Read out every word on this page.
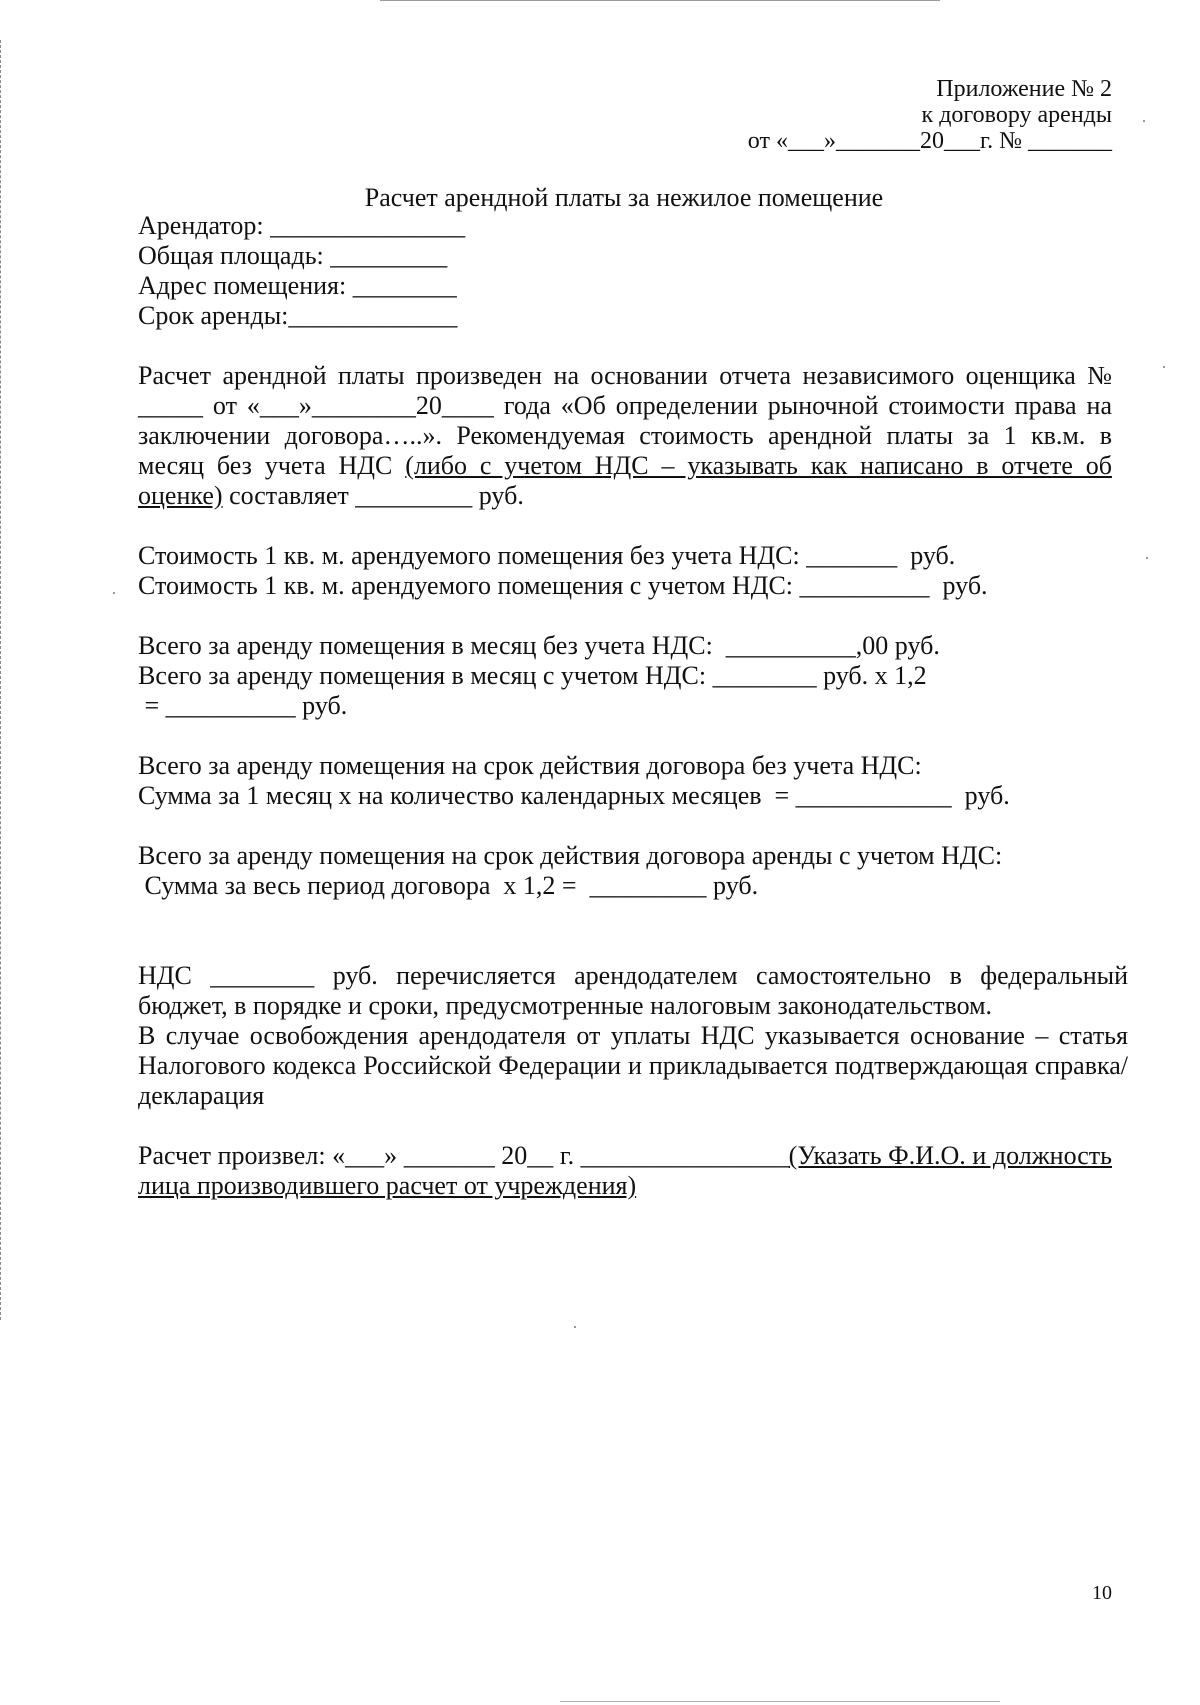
Приложение № 2
к договору аренды
от «___»_______20___г. № _______
Расчет арендной платы за нежилое помещение
Арендатор: _______________
Общая площадь: _________
Адрес помещения: ________
Срок аренды:_____________
Расчет арендной платы произведен на основании отчета независимого оценщика № _____ от «___»________20____ года «Об определении рыночной стоимости права на заключении договора…..». Рекомендуемая стоимость арендной платы за 1 кв.м. в месяц без учета НДС (либо с учетом НДС – указывать как написано в отчете об оценке) составляет _________ руб.
Стоимость 1 кв. м. арендуемого помещения без учета НДС: _______  руб.
Стоимость 1 кв. м. арендуемого помещения с учетом НДС: __________  руб.
Всего за аренду помещения в месяц без учета НДС:  __________,00 руб.
Всего за аренду помещения в месяц с учетом НДС: ________ руб. х 1,2
= __________ руб.
Всего за аренду помещения на срок действия договора без учета НДС:
Сумма за 1 месяц х на количество календарных месяцев  = ____________  руб.
Всего за аренду помещения на срок действия договора аренды с учетом НДС:
Сумма за весь период договора  х 1,2 =  _________ руб.
НДС ________ руб. перечисляется арендодателем самостоятельно в федеральный бюджет, в порядке и сроки, предусмотренные налоговым законодательством.
В случае освобождения арендодателя от уплаты НДС указывается основание – статья Налогового кодекса Российской Федерации и прикладывается подтверждающая справка/декларация
Расчет произвел: «___» _______ 20__ г. ________________(Указать Ф.И.О. и должность лица производившего расчет от учреждения)
10
